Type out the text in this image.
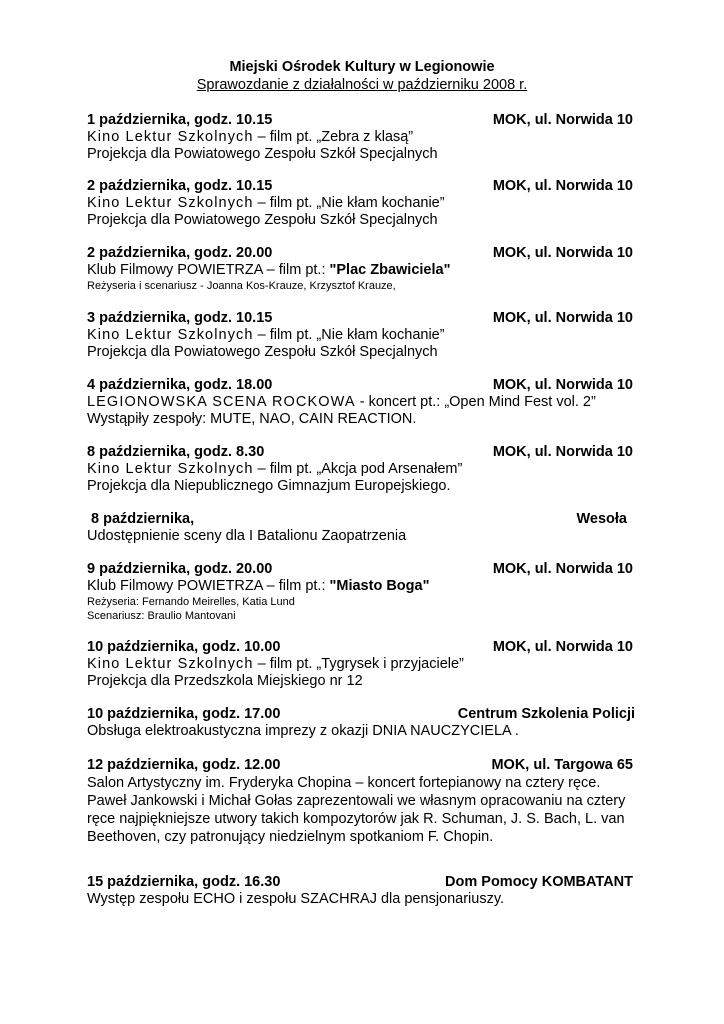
Miejski Ośrodek Kultury w Legionowie
Sprawozdanie z działalności w październiku 2008 r.
1 października, godz. 10.15	MOK, ul. Norwida 10
Kino Lektur Szkolnych – film pt. „Zebra z klasą”
Projekcja dla Powiatowego Zespołu Szkół Specjalnych
2 października, godz. 10.15	MOK, ul. Norwida 10
Kino Lektur Szkolnych – film pt. „Nie kłam kochanie”
Projekcja dla Powiatowego Zespołu Szkół Specjalnych
2 października, godz. 20.00	MOK, ul. Norwida 10
Klub Filmowy POWIETRZA – film pt.: "Plac Zbawiciela"
Reżyseria i scenariusz - Joanna Kos-Krauze, Krzysztof Krauze,
3 października, godz. 10.15	MOK, ul. Norwida 10
Kino Lektur Szkolnych – film pt. „Nie kłam kochanie”
Projekcja dla Powiatowego Zespołu Szkół Specjalnych
4 października, godz. 18.00	MOK, ul. Norwida 10
LEGIONOWSKA SCENA ROCKOWA - koncert pt.: „Open Mind Fest vol. 2”
Wystąpiły zespoły: MUTE, NAO, CAIN REACTION.
8 października, godz. 8.30	MOK, ul. Norwida 10
Kino Lektur Szkolnych – film pt. „Akcja pod Arsenałem”
Projekcja dla Niepublicznego Gimnazjum Europejskiego.
8 października,	Wesoła
Udostępnienie sceny dla I Batalionu Zaopatrzenia
9 października, godz. 20.00	MOK, ul. Norwida 10
Klub Filmowy POWIETRZA – film pt.: "Miasto Boga"
Reżyseria: Fernando Meirelles, Katia Lund
Scenariusz: Braulio Mantovani
10 października, godz. 10.00	MOK, ul. Norwida 10
Kino Lektur Szkolnych – film pt. „Tygrysek i przyjaciele”
Projekcja dla Przedszkola Miejskiego nr 12
10 października, godz. 17.00	Centrum Szkolenia Policji
Obsługa elektroakustyczna imprezy z okazji DNIA NAUCZYCIELA .
12 października, godz. 12.00	MOK, ul. Targowa 65
Salon Artystyczny im. Fryderyka Chopina – koncert fortepianowy na cztery ręce. Paweł Jankowski i Michał Gołas zaprezentowali we własnym opracowaniu na cztery ręce najpiękniejsze utwory takich kompozytorów jak R. Schuman, J. S. Bach, L. van Beethoven, czy patronujący niedzielnym spotkaniom F. Chopin.
15 października, godz. 16.30	Dom Pomocy KOMBATANT
Występ zespołu ECHO i zespołu SZACHRAJ dla pensjonariuszy.
